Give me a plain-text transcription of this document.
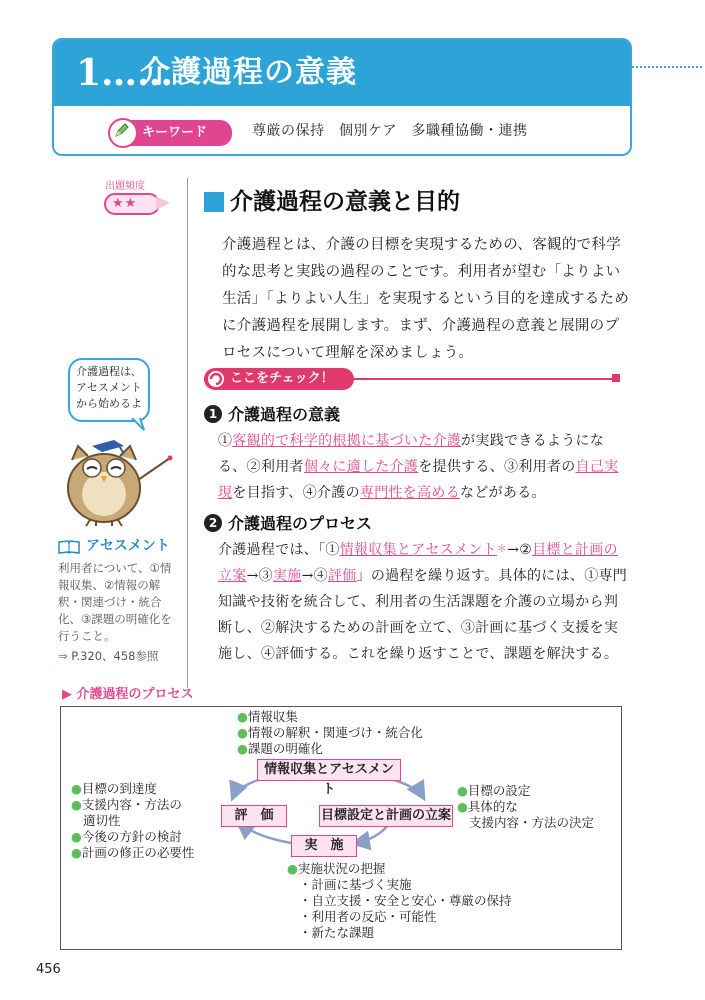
1……
介護過程の意義
キーワード	尊厳の保持　個別ケア　多職種協働・連携
出題頻度
★★	介護過程の意義と目的
介護過程とは、介護の目標を実現するための、客観的で科学的な思考と実践の過程のことです。利用者が望む「よりよい生活」「よりよい人生」を実現するという目的を達成するために介護過程を展開します。まず、介護過程の意義と展開のプロセスについて理解を深めましょう。
介護過程は､アセスメントから始めるよ
アセスメント
利用者について、①情報収集、②情報の解釈・関連づけ・統合化、③課題の明確化を行うこと。
⇒ P.320、458参照
ここをチェック！
1 介護過程の意義
①客観的で科学的根拠に基づいた介護が実践できるようになる、②利用者個々に適した介護を提供する、③利用者の自己実現を目指す、④介護の専門性を高めるなどがある。
2 介護過程のプロセス
介護過程では、「①情報収集とアセスメント＊→②目標と計画の立案→③実施→④評価」の過程を繰り返す。具体的には、①専門知識や技術を統合して、利用者の生活課題を介護の立場から判断し、②解決するための計画を立て、③計画に基づく支援を実施し、④評価する。これを繰り返すことで、課題を解決する。
▶ 介護過程のプロセス
●情報収集
●情報の解釈・関連づけ・統合化
●課題の明確化
情報収集とアセスメント
目標設定と計画の立案
評　価
実　施
●目標の設定
●具体的な
支援内容・方法の決定
●目標の到達度
●支援内容・方法の
適切性
●今後の方針の検討
●計画の修正の必要性
●実施状況の把握
・計画に基づく実施
・自立支援・安全と安心・尊厳の保持
・利用者の反応・可能性
・新たな課題
456
